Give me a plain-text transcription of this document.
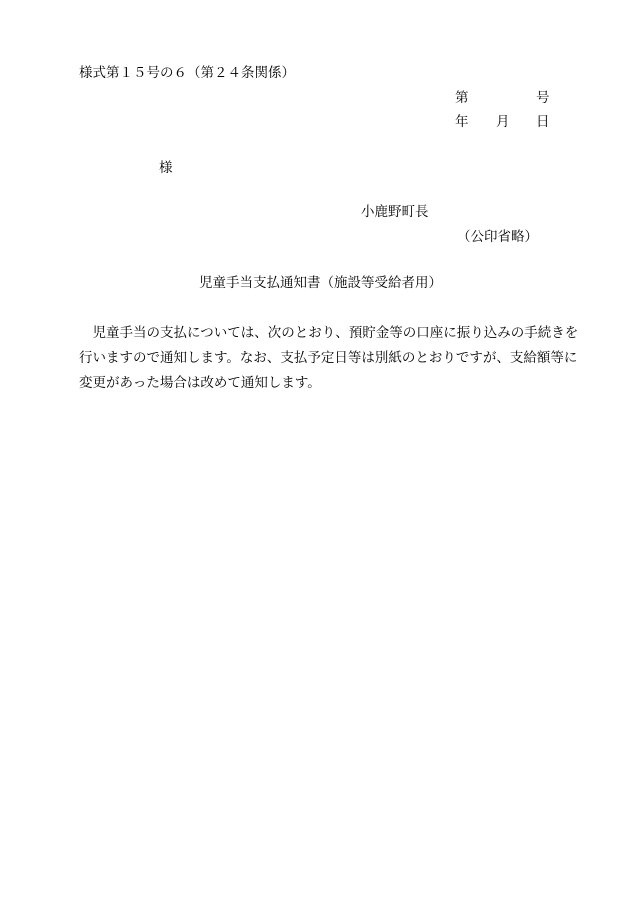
様式第１５号の６（第２４条関係）
第	号
年 月 日
様
小鹿野町長
（公印省略）
児童手当支払通知書（施設等受給者用）

児童手当の支払については、次のとおり、預貯金等の口座に振り込みの手続きを行いますので通知します。なお、支払予定日等は別紙のとおりですが、支給額等に変更があった場合は改めて通知します。
